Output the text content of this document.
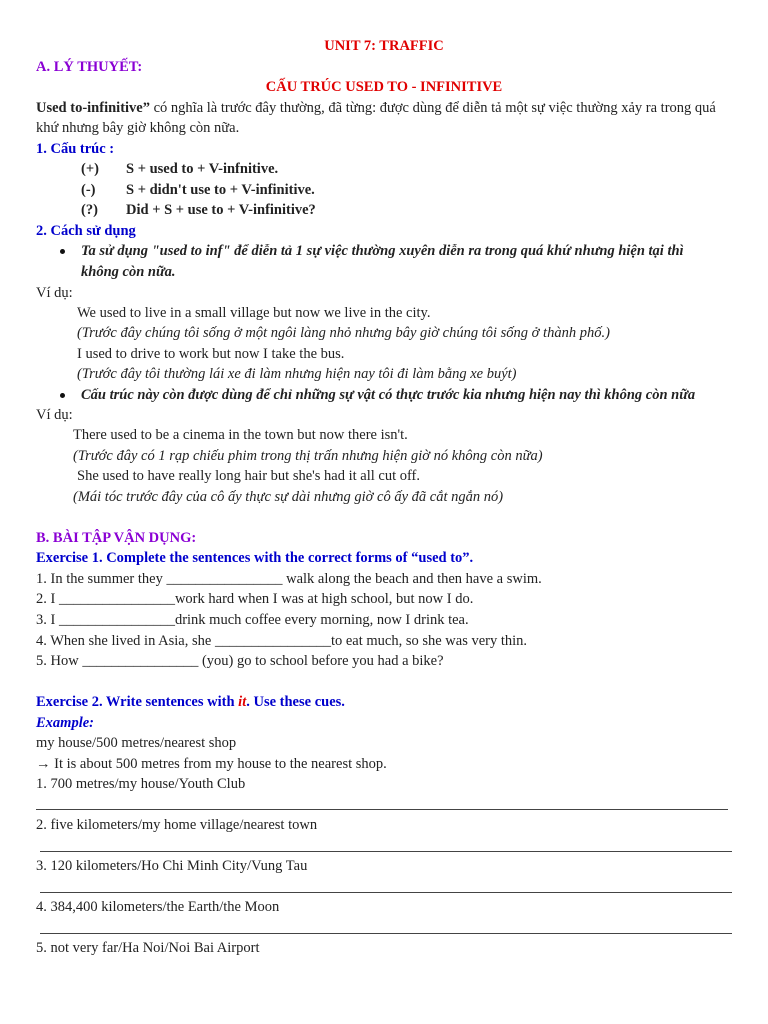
UNIT 7: TRAFFIC
A. LÝ THUYẾT:
CẤU TRÚC USED TO - INFINITIVE
Used to-infinitive” có nghĩa là trước đây thường, đã từng: được dùng để diễn tả một sự việc thường xảy ra trong quá
khứ nhưng bây giờ không còn nữa.
1. Cấu trúc :
(+) S + used to + V-infnitive.
(-) S + didn't use to + V-infinitive.
(?) Did + S + use to + V-infinitive?
2. Cách sử dụng
Ta sử dụng "used to inf" để diễn tả 1 sự việc thường xuyên diễn ra trong quá khứ nhưng hiện tại thì
không còn nữa.
Ví dụ:
We used to live in a small village but now we live in the city.
(Trước đây chúng tôi sống ở một ngôi làng nhỏ nhưng bây giờ chúng tôi sống ở thành phố.)
I used to drive to work but now I take the bus.
(Trước đây tôi thường lái xe đi làm nhưng hiện nay tôi đi làm bằng xe buýt)
Cấu trúc này còn được dùng để chỉ những sự vật có thực trước kia nhưng hiện nay thì không còn nữa
Ví dụ:
There used to be a cinema in the town but now there isn't.
(Trước đây có 1 rạp chiếu phim trong thị trấn nhưng hiện giờ nó không còn nữa)
She used to have really long hair but she's had it all cut off.
(Mái tóc trước đây của cô ấy thực sự dài nhưng giờ cô ấy đã cắt ngắn nó)
B. BÀI TẬP VẬN DỤNG:
Exercise 1. Complete the sentences with the correct forms of “used to”.
1. In the summer they ________________ walk along the beach and then have a swim.
2. I ________________work hard when I was at high school, but now I do.
3. I ________________drink much coffee every morning, now I drink tea.
4. When she lived in Asia, she ________________to eat much, so she was very thin.
5. How ________________ (you) go to school before you had a bike?
Exercise 2. Write sentences with it. Use these cues.
Example:
my house/500 metres/nearest shop
→ It is about 500 metres from my house to the nearest shop.
1. 700 metres/my house/Youth Club
2. five kilometers/my home village/nearest town
3. 120 kilometers/Ho Chi Minh City/Vung Tau
4. 384,400 kilometers/the Earth/the Moon
5. not very far/Ha Noi/Noi Bai Airport
